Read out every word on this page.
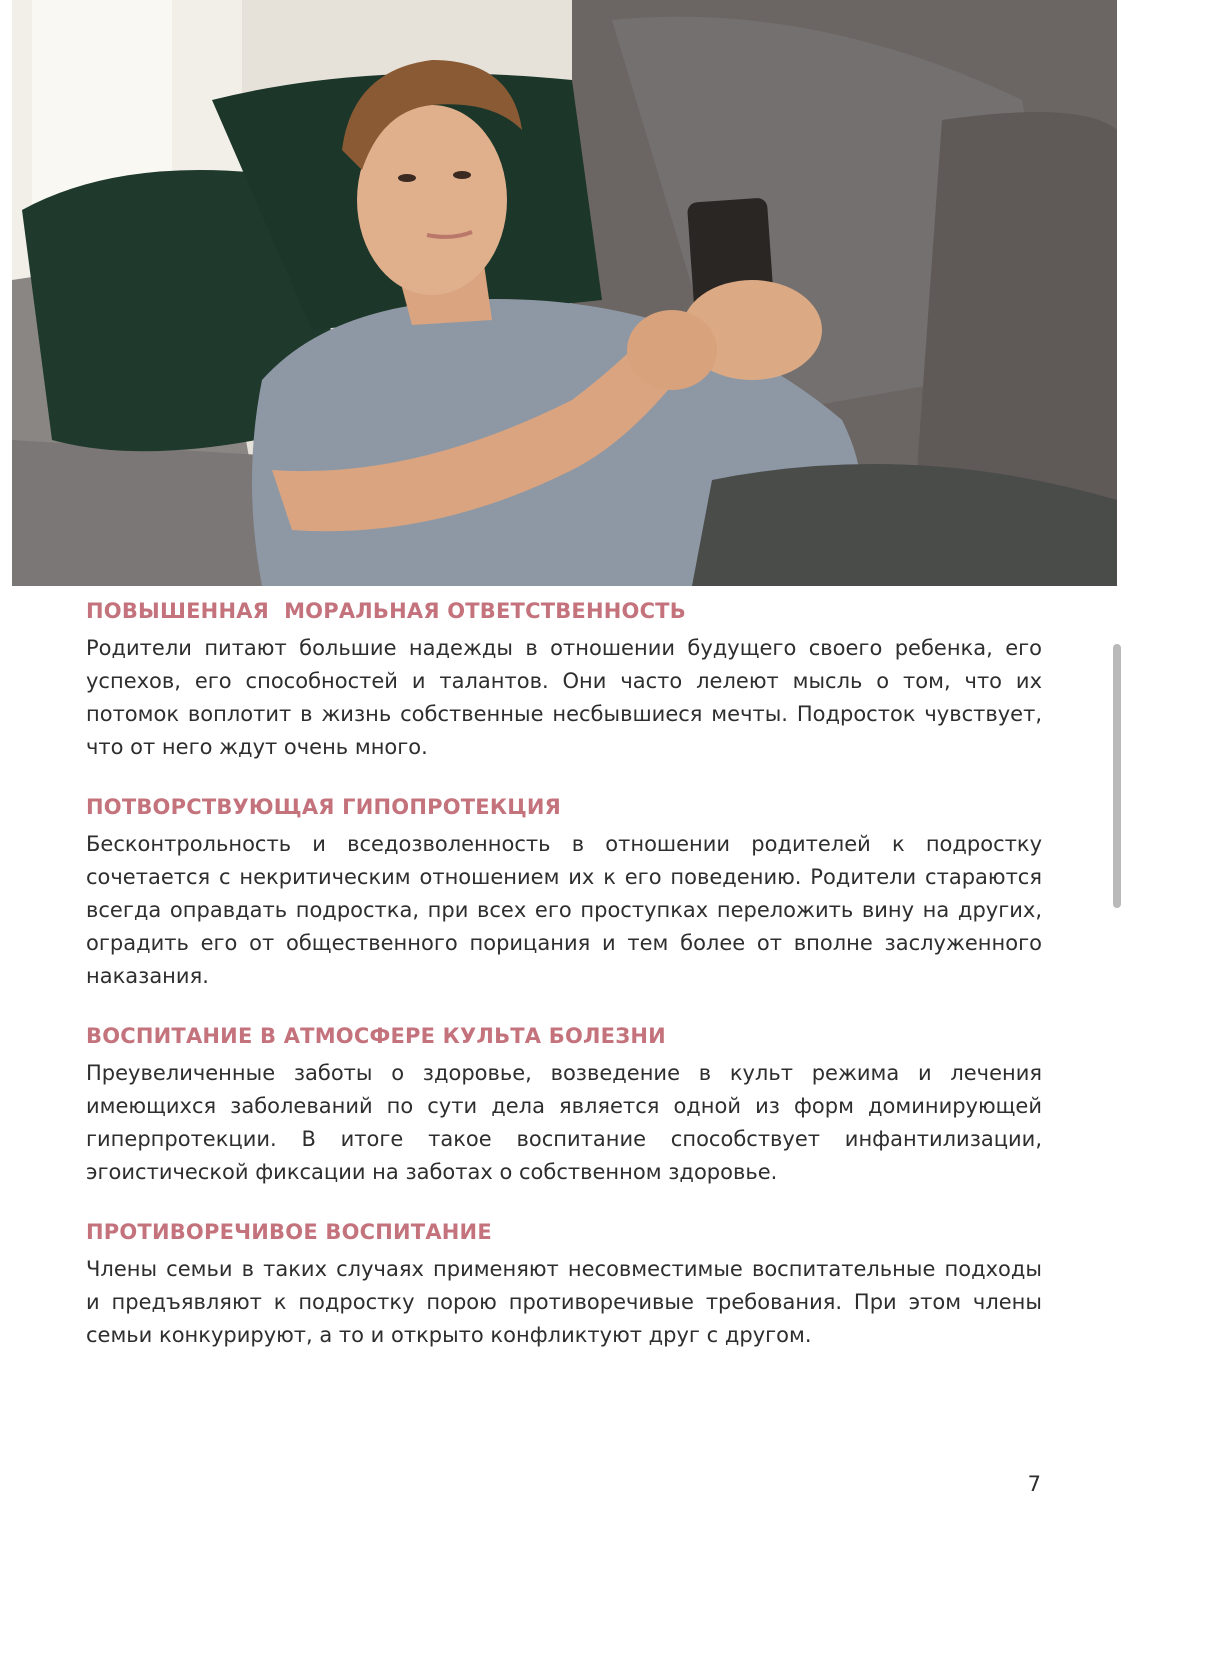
ПОВЫШЕННАЯ  МОРАЛЬНАЯ ОТВЕТСТВЕННОСТЬ

Родители питают большие надежды в отношении будущего своего ребенка, его успехов, его способностей и талантов. Они часто лелеют мысль о том, что их потомок воплотит в жизнь собственные несбывшиеся мечты. Подросток чувствует, что от него ждут очень много.

ПОТВОРСТВУЮЩАЯ ГИПОПРОТЕКЦИЯ

Бесконтрольность и вседозволенность в отношении родителей к подростку сочетается с некритическим отношением их к его поведению. Родители стараются всегда оправдать подростка, при всех его проступках переложить вину на других, оградить его от общественного порицания и тем более от вполне заслуженного наказания.

ВОСПИТАНИЕ В АТМОСФЕРЕ КУЛЬТА БОЛЕЗНИ

Преувеличенные заботы о здоровье, возведение в культ режима и лечения имеющихся заболеваний по сути дела является одной из форм доминирующей гиперпротекции. В итоге такое воспитание способствует инфантилизации, эгоистической фиксации на заботах о собственном здоровье.

ПРОТИВОРЕЧИВОЕ ВОСПИТАНИЕ

Члены семьи в таких случаях применяют несовместимые воспитательные подходы и предъявляют к подростку порою противоречивые требования. При этом члены семьи конкурируют, а то и открыто конфликтуют друг с другом.

7
